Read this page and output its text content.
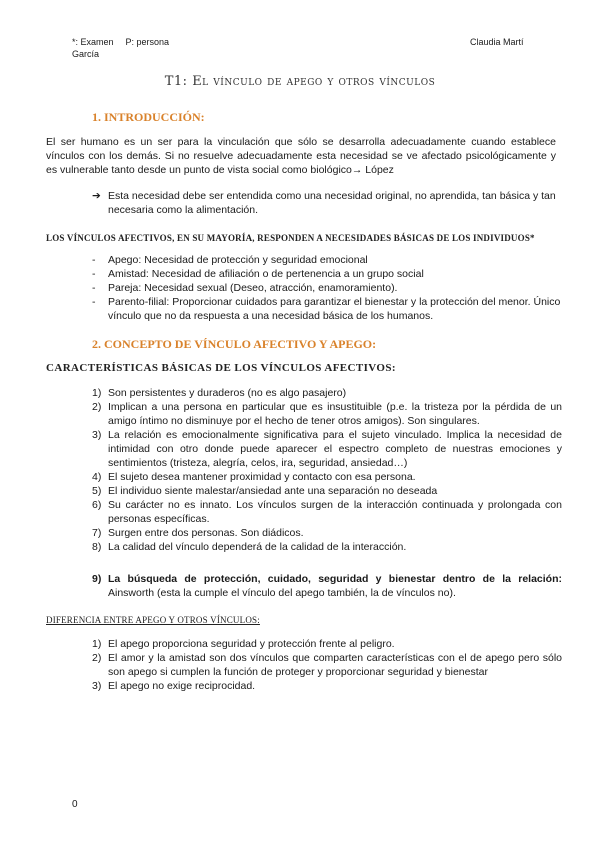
*: Examen P: persona
García
Claudia Martí
T1: El vínculo de apego y otros vínculos
1. INTRODUCCIÓN:
El ser humano es un ser para la vinculación que sólo se desarrolla adecuadamente cuando establece vínculos con los demás. Si no resuelve adecuadamente esta necesidad se ve afectado psicológicamente y es vulnerable tanto desde un punto de vista social como biológico→ López
➔ Esta necesidad debe ser entendida como una necesidad original, no aprendida, tan básica y tan necesaria como la alimentación.
LOS VÍNCULOS AFECTIVOS, EN SU MAYORÍA, RESPONDEN A NECESIDADES BÁSICAS DE LOS INDIVIDUOS*
- Apego: Necesidad de protección y seguridad emocional
- Amistad: Necesidad de afiliación o de pertenencia a un grupo social
- Pareja: Necesidad sexual (Deseo, atracción, enamoramiento).
- Parento-filial: Proporcionar cuidados para garantizar el bienestar y la protección del menor. Único vínculo que no da respuesta a una necesidad básica de los humanos.
2. CONCEPTO DE VÍNCULO AFECTIVO Y APEGO:
CARACTERÍSTICAS BÁSICAS DE LOS VÍNCULOS AFECTIVOS:
1) Son persistentes y duraderos (no es algo pasajero)
2) Implican a una persona en particular que es insustituible (p.e. la tristeza por la pérdida de un amigo íntimo no disminuye por el hecho de tener otros amigos). Son singulares.
3) La relación es emocionalmente significativa para el sujeto vinculado. Implica la necesidad de intimidad con otro donde puede aparecer el espectro completo de nuestras emociones y sentimientos (tristeza, alegría, celos, ira, seguridad, ansiedad…)
4) El sujeto desea mantener proximidad y contacto con esa persona.
5) El individuo siente malestar/ansiedad ante una separación no deseada
6) Su carácter no es innato. Los vínculos surgen de la interacción continuada y prolongada con personas específicas.
7) Surgen entre dos personas. Son diádicos.
8) La calidad del vínculo dependerá de la calidad de la interacción.
9) La búsqueda de protección, cuidado, seguridad y bienestar dentro de la relación: Ainsworth (esta la cumple el vínculo del apego también, la de vínculos no).
DIFERENCIA ENTRE APEGO Y OTROS VÍNCULOS:
1) El apego proporciona seguridad y protección frente al peligro.
2) El amor y la amistad son dos vínculos que comparten características con el de apego pero sólo son apego si cumplen la función de proteger y proporcionar seguridad y bienestar
3) El apego no exige reciprocidad.
0
